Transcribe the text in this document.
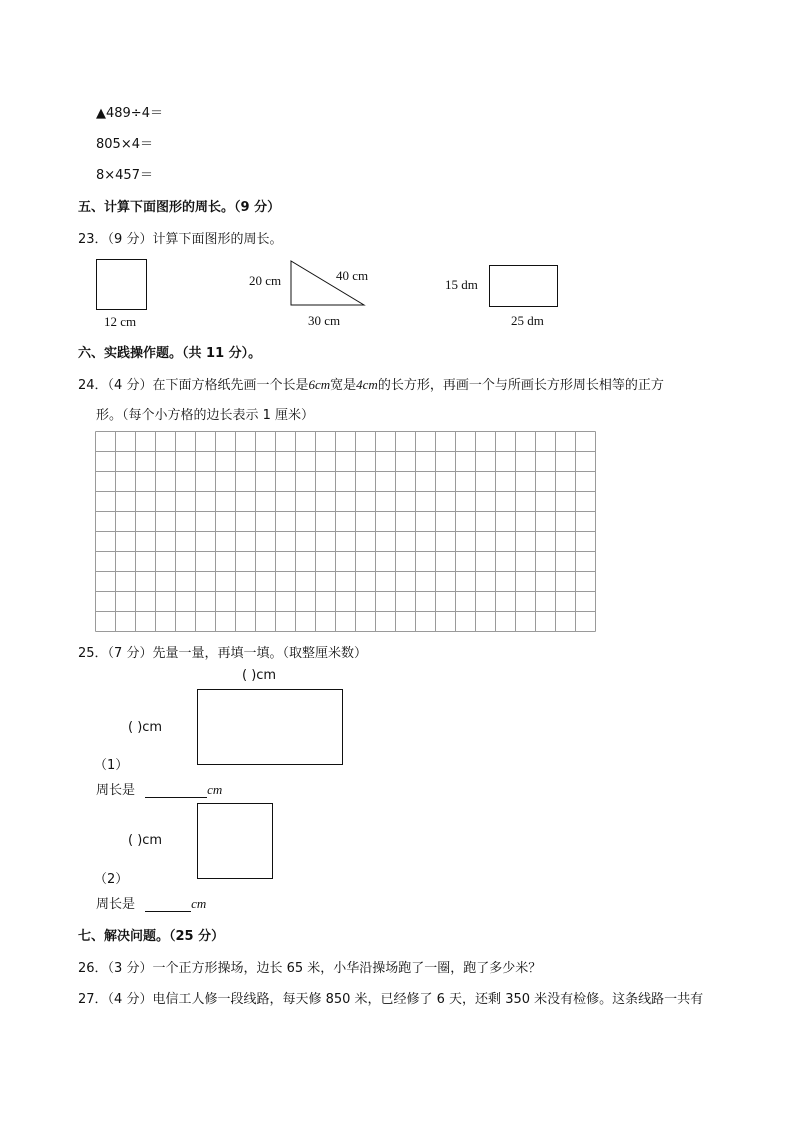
▲489÷4＝
805×4＝
8×457＝
五、计算下面图形的周长。（9 分）
23．（9 分）计算下面图形的周长。
12 cm
20 cm	40 cm
30 cm
15 dm
25 dm
六、实践操作题。（共 11 分）。
24．（4 分）在下面方格纸先画一个长是6cm宽是4cm的长方形，再画一个与所画长方形周长相等的正方
形。（每个小方格的边长表示 1 厘米）
25．（7 分）先量一量，再填一填。（取整厘米数）
( )cm
( )cm
（1）
周长是	cm
( )cm
（2）
周长是	cm
七、解决问题。（25 分）
26．（3 分）一个正方形操场，边长 65 米，小华沿操场跑了一圈，跑了多少米？
27．（4 分）电信工人修一段线路，每天修 850 米，已经修了 6 天，还剩 350 米没有检修。这条线路一共有
